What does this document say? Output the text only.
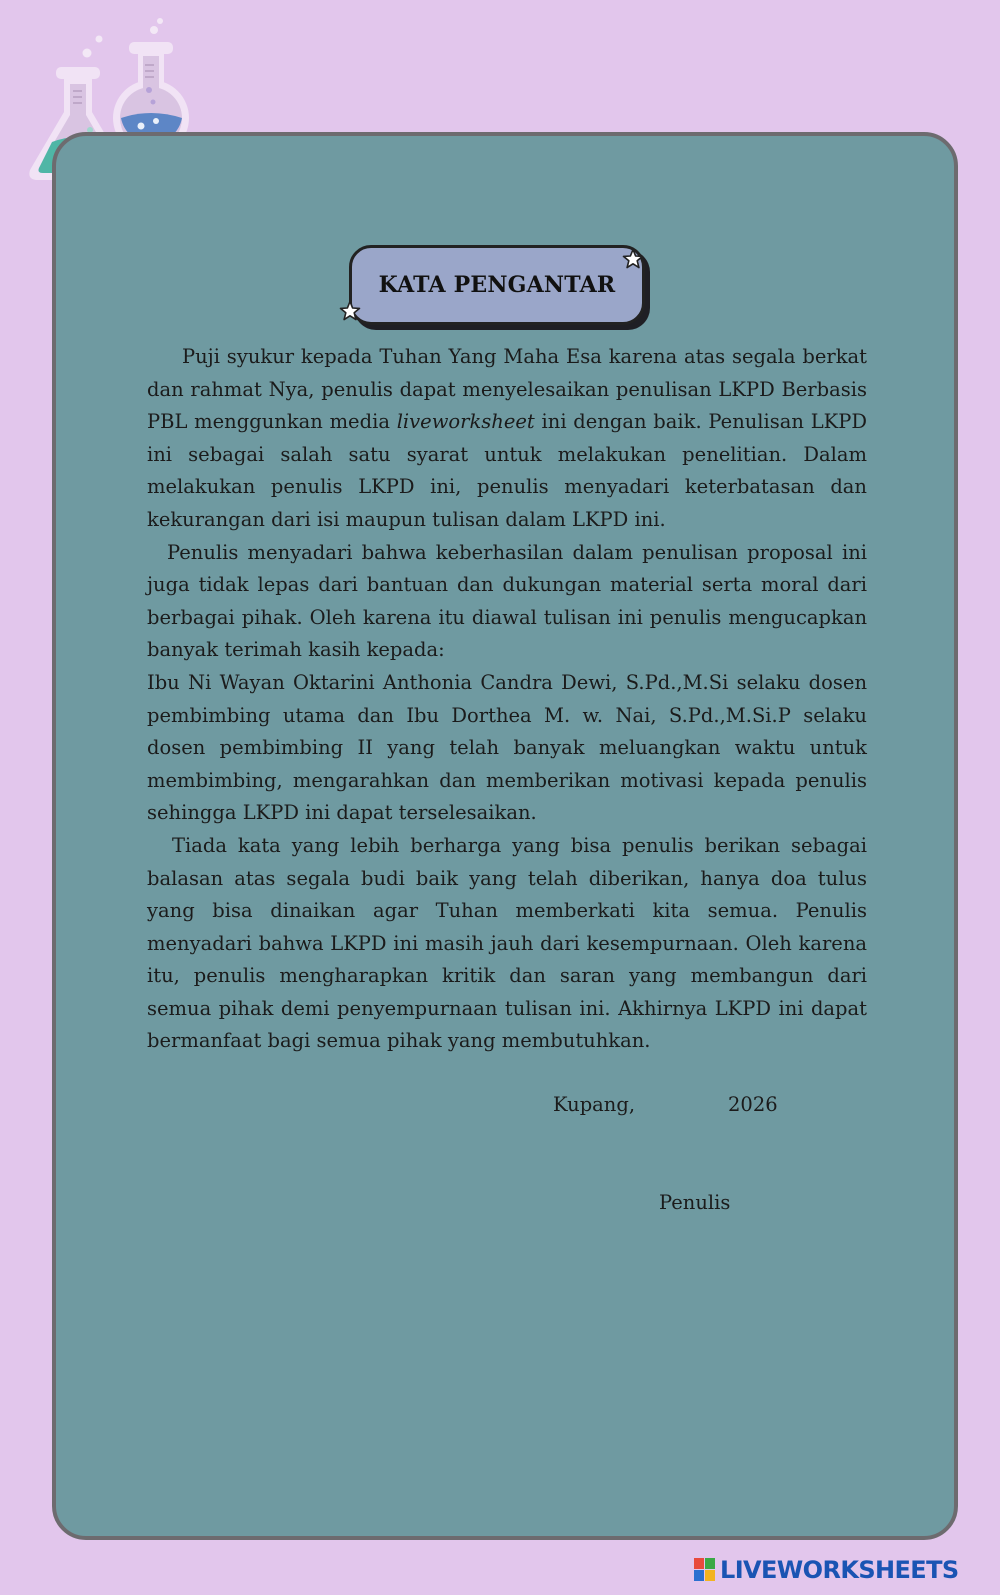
KATA PENGANTAR

Puji syukur kepada Tuhan Yang Maha Esa karena atas segala berkat dan rahmat Nya, penulis dapat menyelesaikan penulisan LKPD Berbasis PBL menggunkan media liveworksheet ini dengan baik. Penulisan LKPD ini sebagai salah satu syarat untuk melakukan penelitian. Dalam melakukan penulis LKPD ini, penulis menyadari keterbatasan dan kekurangan dari isi maupun tulisan dalam LKPD ini.

Penulis menyadari bahwa keberhasilan dalam penulisan proposal ini juga tidak lepas dari bantuan dan dukungan material serta moral dari berbagai pihak. Oleh karena itu diawal tulisan ini penulis mengucapkan banyak terimah kasih kepada:

Ibu Ni Wayan Oktarini Anthonia Candra Dewi, S.Pd.,M.Si selaku dosen pembimbing utama dan Ibu Dorthea M. w. Nai, S.Pd.,M.Si.P selaku dosen pembimbing II yang telah banyak meluangkan waktu untuk membimbing, mengarahkan dan memberikan motivasi kepada penulis sehingga LKPD ini dapat terselesaikan.

Tiada kata yang lebih berharga yang bisa penulis berikan sebagai balasan atas segala budi baik yang telah diberikan, hanya doa tulus yang bisa dinaikan agar Tuhan memberkati kita semua. Penulis menyadari bahwa LKPD ini masih jauh dari kesempurnaan. Oleh karena itu, penulis mengharapkan kritik dan saran yang membangun dari semua pihak demi penyempurnaan tulisan ini. Akhirnya LKPD ini dapat bermanfaat bagi semua pihak yang membutuhkan.

Kupang,	2026
Penulis
LIVEWORKSHEETS
